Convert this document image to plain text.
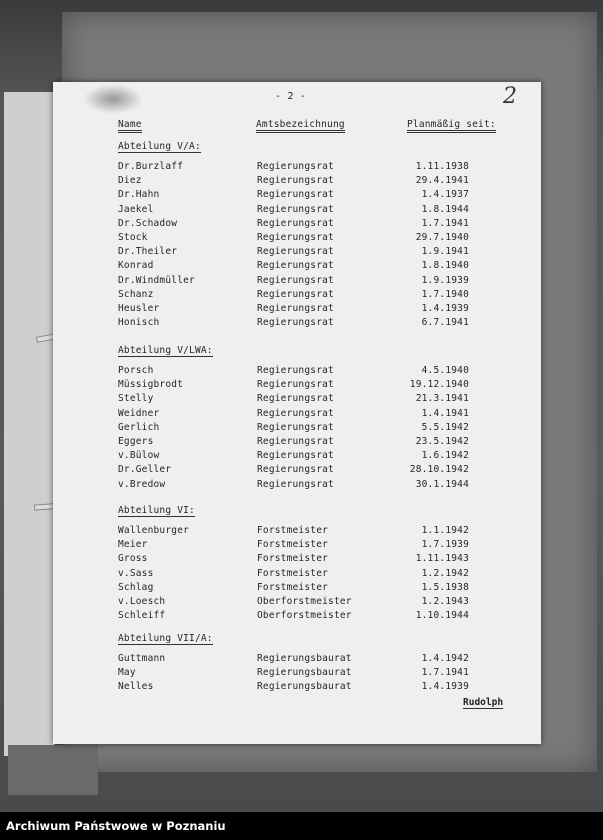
- 2 -	2
Name	Amtsbezeichnung	Planmäßig seit:
Abteilung V/A:
Dr.Burzlaff	Regierungsrat	1.11.1938
Diez	Regierungsrat	29.4.1941
Dr.Hahn	Regierungsrat	1.4.1937
Jaekel	Regierungsrat	1.8.1944
Dr.Schadow	Regierungsrat	1.7.1941
Stock	Regierungsrat	29.7.1940
Dr.Theiler	Regierungsrat	1.9.1941
Konrad	Regierungsrat	1.8.1940
Dr.Windmüller	Regierungsrat	1.9.1939
Schanz	Regierungsrat	1.7.1940
Heusler	Regierungsrat	1.4.1939
Honisch	Regierungsrat	6.7.1941
Abteilung V/LWA:
Porsch	Regierungsrat	4.5.1940
Müssigbrodt	Regierungsrat	19.12.1940
Stelly	Regierungsrat	21.3.1941
Weidner	Regierungsrat	1.4.1941
Gerlich	Regierungsrat	5.5.1942
Eggers	Regierungsrat	23.5.1942
v.Bülow	Regierungsrat	1.6.1942
Dr.Geller	Regierungsrat	28.10.1942
v.Bredow	Regierungsrat	30.1.1944
Abteilung VI:
Wallenburger	Forstmeister	1.1.1942
Meier	Forstmeister	1.7.1939
Gross	Forstmeister	1.11.1943
v.Sass	Forstmeister	1.2.1942
Schlag	Forstmeister	1.5.1938
v.Loesch	Oberforstmeister	1.2.1943
Schleiff	Oberforstmeister	1.10.1944
Abteilung VII/A:
Guttmann	Regierungsbaurat	1.4.1942
May	Regierungsbaurat	1.7.1941
Nelles	Regierungsbaurat	1.4.1939
Rudolph
Archiwum Państwowe w Poznaniu
